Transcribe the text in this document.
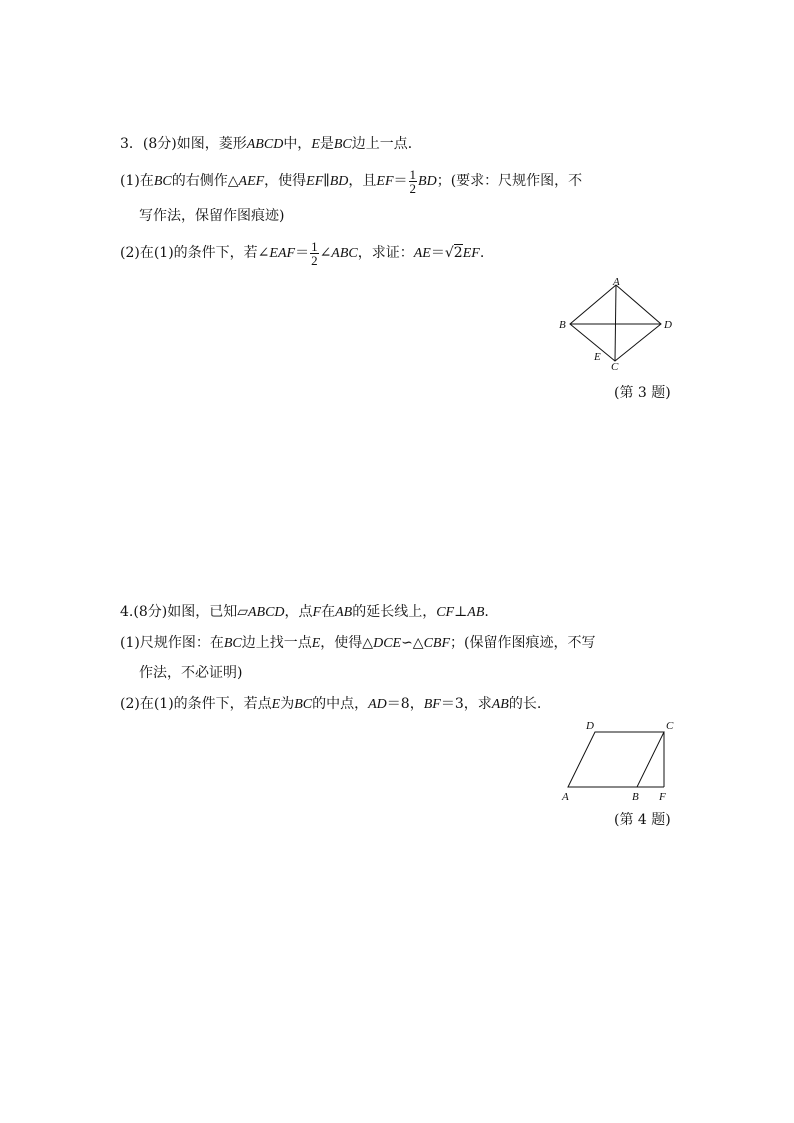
3．(8分)如图，菱形ABCD中，E是BC边上一点．
(1)在BC的右侧作△AEF，使得EF∥BD，且$EF= \frac{1}{2}$ BD；(要求：尺规作图，不
写作法，保留作图痕迹)
(2)在(1)的条件下，若∠EAF＝ $\frac{1}{2}$ ∠ABC，求证：AE＝√2EF.
A
B	D
E
C
(第 3 题)
4.(8分)如图，已知▱ABCD，点F在AB的延长线上，CF⊥AB.
(1)尺规作图：在BC边上找一点E，使得△DCE∽△CBF；(保留作图痕迹，不写
作法，不必证明)
(2)在(1)的条件下，若点E为BC的中点，AD＝8，BF＝3，求AB的长.
D	C
A	B F
(第 4 题)
